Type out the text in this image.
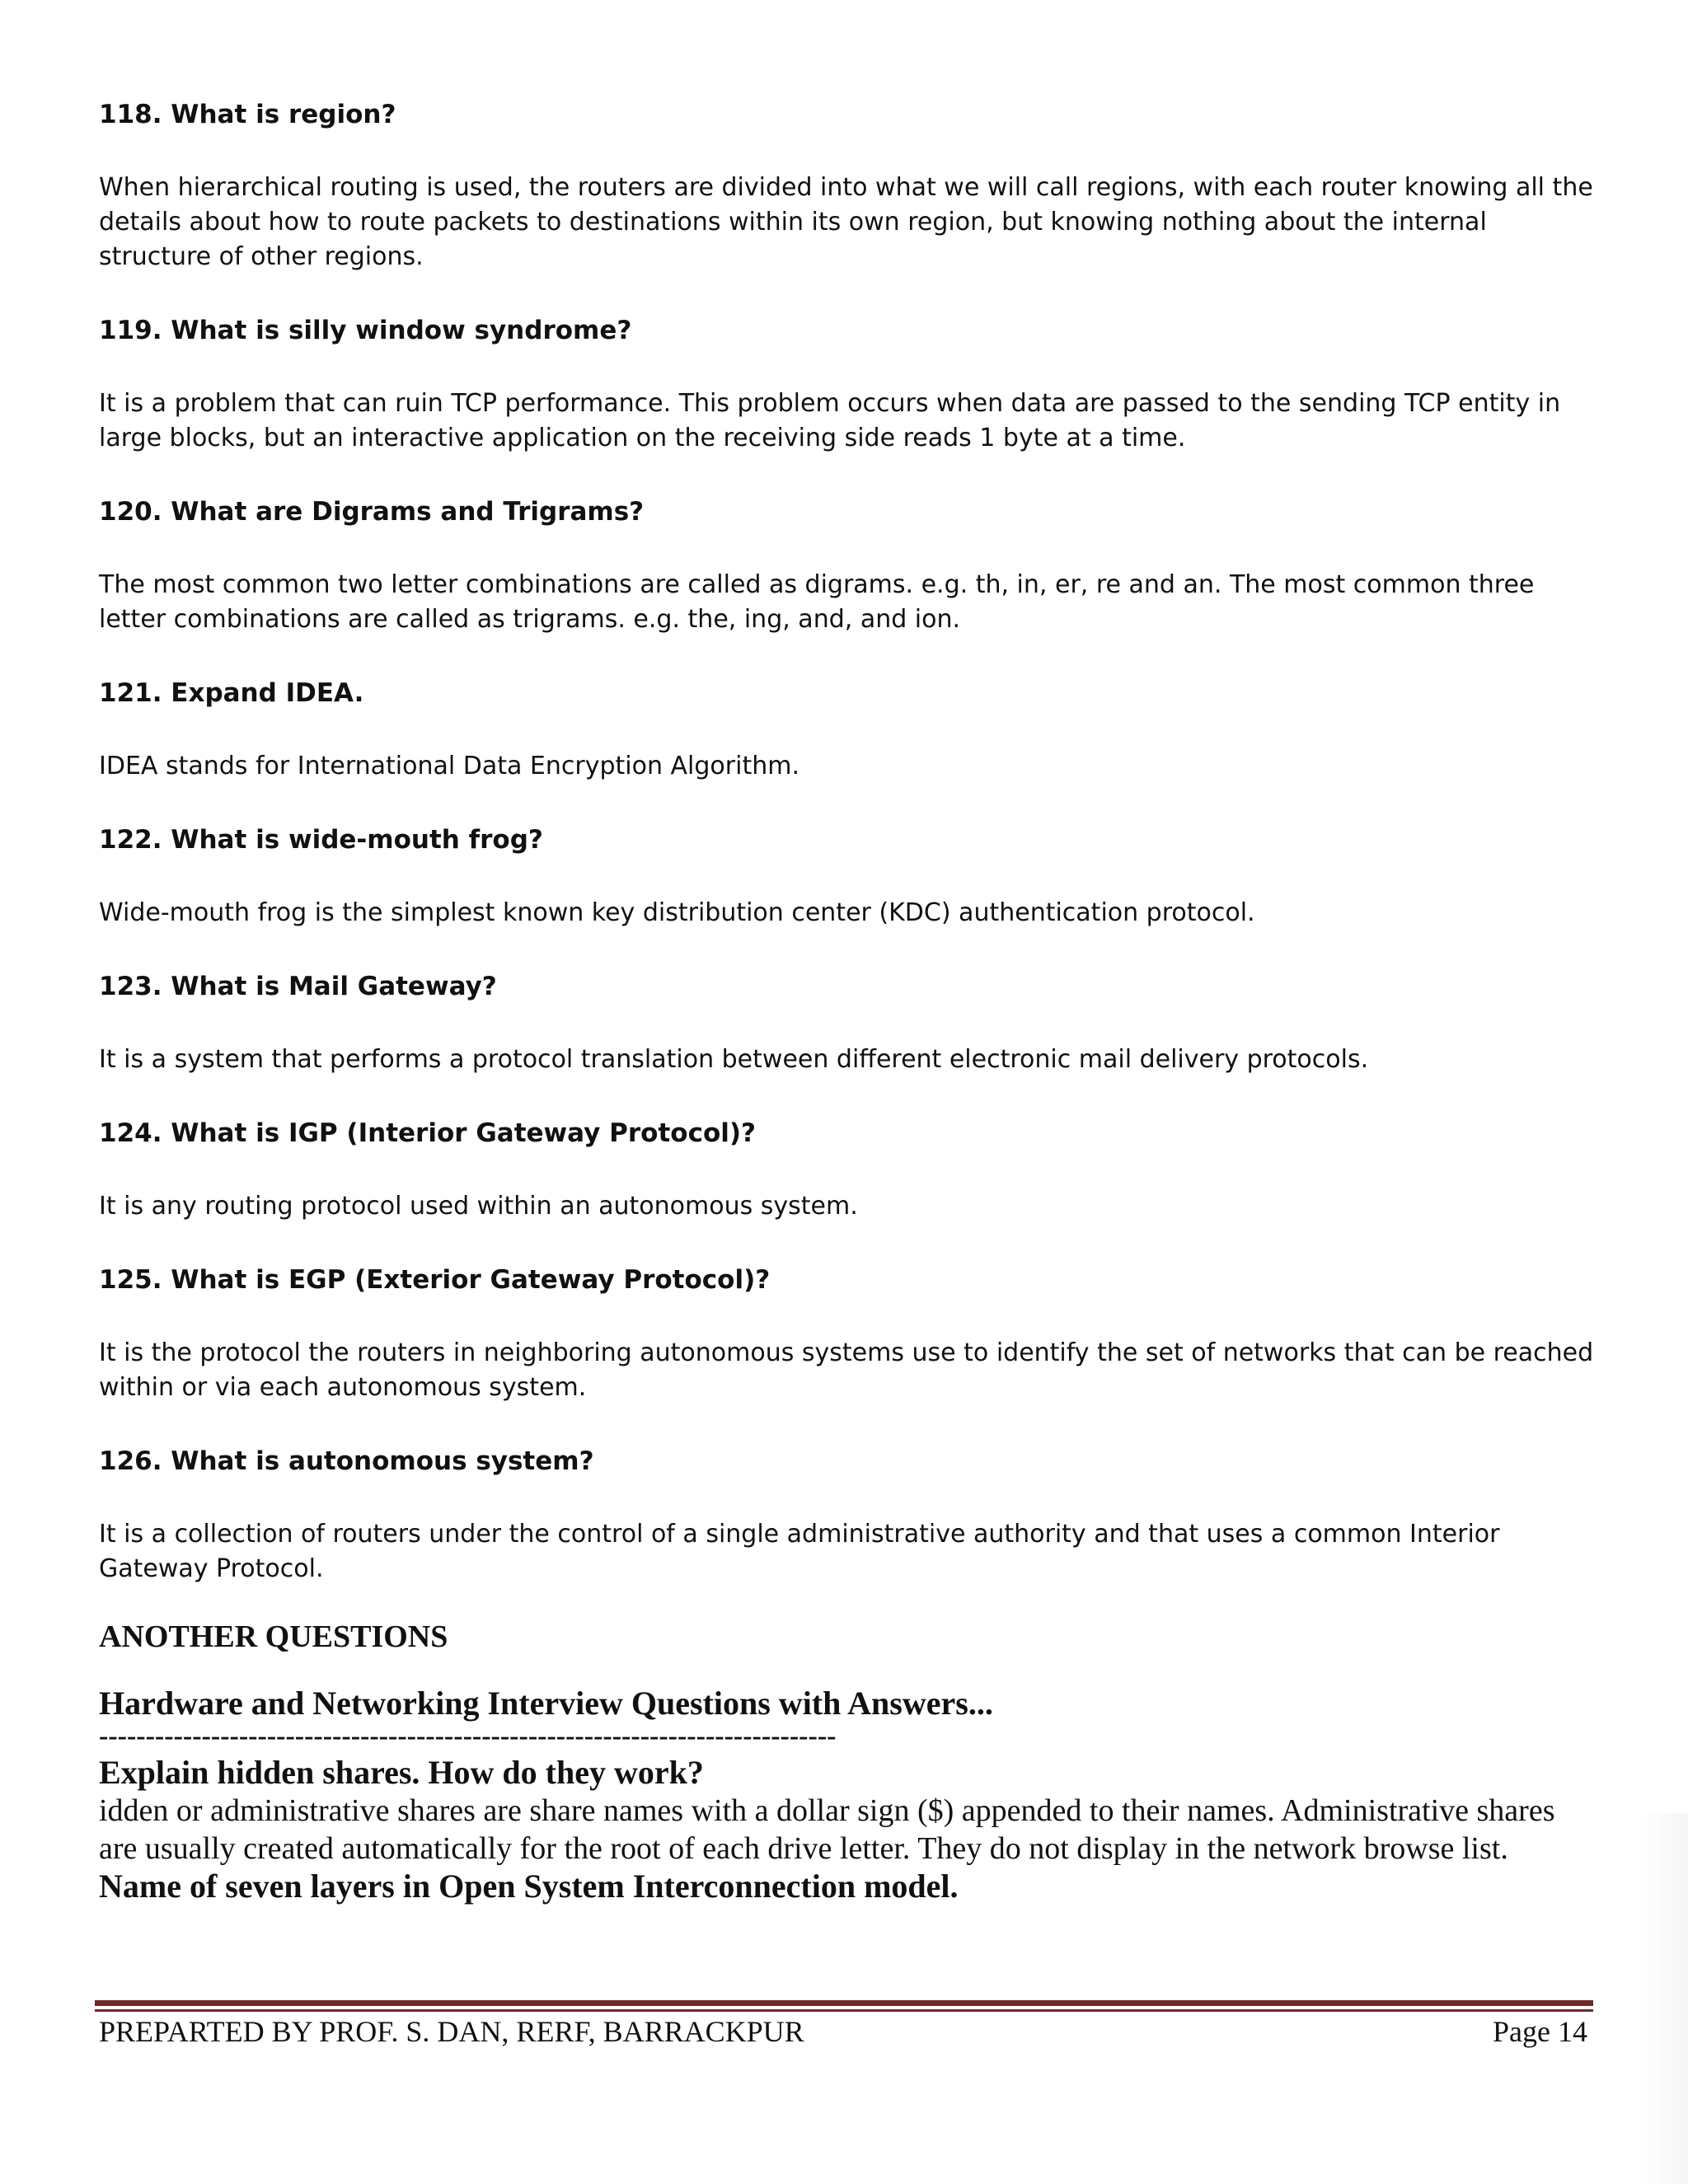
118. What is region?

When hierarchical routing is used, the routers are divided into what we will call regions, with each router knowing all the details about how to route packets to destinations within its own region, but knowing nothing about the internal structure of other regions.

119. What is silly window syndrome?

It is a problem that can ruin TCP performance. This problem occurs when data are passed to the sending TCP entity in large blocks, but an interactive application on the receiving side reads 1 byte at a time.

120. What are Digrams and Trigrams?

The most common two letter combinations are called as digrams. e.g. th, in, er, re and an. The most common three letter combinations are called as trigrams. e.g. the, ing, and, and ion.

121. Expand IDEA.

IDEA stands for International Data Encryption Algorithm.

122. What is wide-mouth frog?

Wide-mouth frog is the simplest known key distribution center (KDC) authentication protocol.

123. What is Mail Gateway?

It is a system that performs a protocol translation between different electronic mail delivery protocols.

124. What is IGP (Interior Gateway Protocol)?

It is any routing protocol used within an autonomous system.

125. What is EGP (Exterior Gateway Protocol)?

It is the protocol the routers in neighboring autonomous systems use to identify the set of networks that can be reached within or via each autonomous system.

126. What is autonomous system?

It is a collection of routers under the control of a single administrative authority and that uses a common Interior Gateway Protocol.

ANOTHER QUESTIONS

Hardware and Networking Interview Questions with Answers...

-------------------------------------------------------------------------------

Explain hidden shares. How do they work?

idden or administrative shares are share names with a dollar sign ($) appended to their names. Administrative shares are usually created automatically for the root of each drive letter. They do not display in the network browse list.

Name of seven layers in Open System Interconnection model.

PREPARTED BY PROF. S. DAN, RERF, BARRACKPUR	Page 14
